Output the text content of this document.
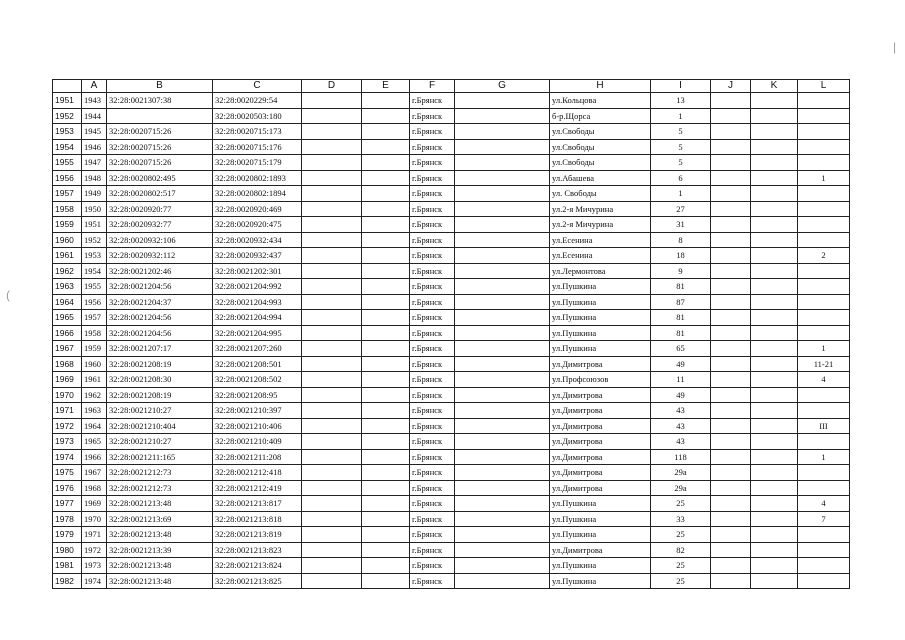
(
|
	A	B	C	D	E	F	G	H	I	J	K	L
1951	1943	32:28:0021307:38	32:28:0020229:54			г.Брянск		ул.Кольцова	13			
1952	1944		32:28:0020503:180			г.Брянск		б-р.Щорса	1			
1953	1945	32:28:0020715:26	32:28:0020715:173			г.Брянск		ул.Свободы	5			
1954	1946	32:28:0020715:26	32:28:0020715:176			г.Брянск		ул.Свободы	5			
1955	1947	32:28:0020715:26	32:28:0020715:179			г.Брянск		ул.Свободы	5			
1956	1948	32:28:0020802:495	32:28:0020802:1893			г.Брянск		ул.Абашева	6			1
1957	1949	32:28:0020802:517	32:28:0020802:1894			г.Брянск		ул. Свободы	1			
1958	1950	32:28:0020920:77	32:28:0020920:469			г.Брянск		ул.2-я Мичурина	27			
1959	1951	32:28:0020932:77	32:28:0020920:475			г.Брянск		ул.2-я Мичурина	31			
1960	1952	32:28:0020932:106	32:28:0020932:434			г.Брянск		ул.Есенина	8			
1961	1953	32:28:0020932:112	32:28:0020932:437			г.Брянск		ул.Есенина	18			2
1962	1954	32:28:0021202:46	32:28:0021202:301			г.Брянск		ул.Лермонтова	9			
1963	1955	32:28:0021204:56	32:28:0021204:992			г.Брянск		ул.Пушкина	81			
1964	1956	32:28:0021204:37	32:28:0021204:993			г.Брянск		ул.Пушкина	87			
1965	1957	32:28:0021204:56	32:28:0021204:994			г.Брянск		ул.Пушкина	81			
1966	1958	32:28:0021204:56	32:28:0021204:995			г.Брянск		ул.Пушкина	81			
1967	1959	32:28:0021207:17	32:28:0021207:260			г.Брянск		ул.Пушкина	65			1
1968	1960	32:28:0021208:19	32:28:0021208:501			г.Брянск		ул.Димитрова	49			11-21
1969	1961	32:28:0021208:30	32:28:0021208:502			г.Брянск		ул.Профсоюзов	11			4
1970	1962	32:28:0021208:19	32:28:0021208:95			г.Брянск		ул.Димитрова	49			
1971	1963	32:28:0021210:27	32:28:0021210:397			г.Брянск		ул.Димитрова	43			
1972	1964	32:28:0021210:404	32:28:0021210:406			г.Брянск		ул.Димитрова	43			III
1973	1965	32:28:0021210:27	32:28:0021210:409			г.Брянск		ул.Димитрова	43			
1974	1966	32:28:0021211:165	32:28:0021211:208			г.Брянск		ул.Димитрова	118			1
1975	1967	32:28:0021212:73	32:28:0021212:418			г.Брянск		ул.Димитрова	29а			
1976	1968	32:28:0021212:73	32:28:0021212:419			г.Брянск		ул.Димитрова	29а			
1977	1969	32:28:0021213:48	32:28:0021213:817			г.Брянск		ул.Пушкина	25			4
1978	1970	32:28:0021213:69	32:28:0021213:818			г.Брянск		ул.Пушкина	33			7
1979	1971	32:28:0021213:48	32:28:0021213:819			г.Брянск		ул.Пушкина	25			
1980	1972	32:28:0021213:39	32:28:0021213:823			г.Брянск		ул.Димитрова	82			
1981	1973	32:28:0021213:48	32:28:0021213:824			г.Брянск		ул.Пушкина	25			
1982	1974	32:28:0021213:48	32:28:0021213:825			г.Брянск		ул.Пушкина	25			
